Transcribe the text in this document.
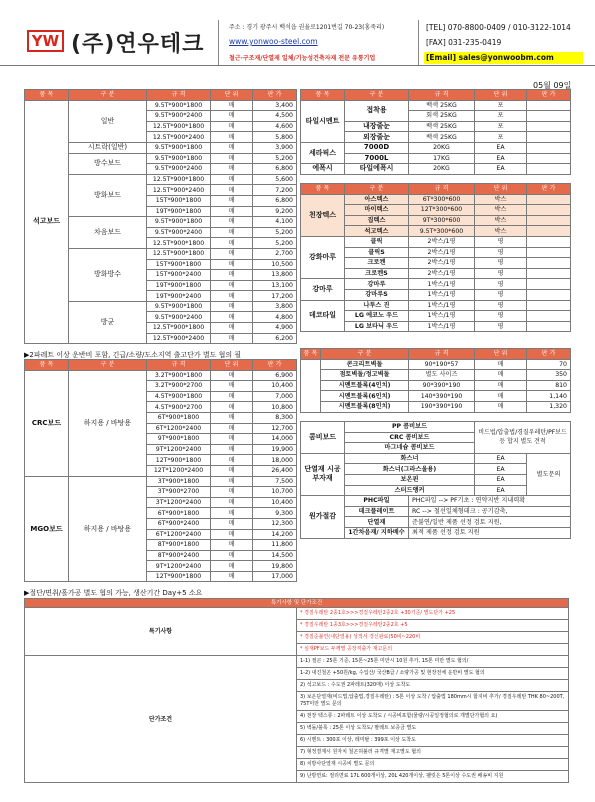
YW (주)연우테크
주소 : 경기 광주시 백석읍 권율로1201번길 70-23(홍죽리)
www.yonwoo-steel.com
철근·구조재/단열재 일체/기능성건축자재 전문 유통기업
[TEL] 070-8800-0409 / 010-3122-1014
[FAX] 031-235-0419
[Email] sales@yonwoobm.com
05월 09일
품 목	구 분	규 격	단 위	판 가
석고보드	일반	9.5T*900*1800	매	3,400
		9.5T*900*2400	매	4,500
		12.5T*900*1800	매	4,600
		12.5T*900*2400	매	5,800
	시트락(일반)	9.5T*900*1800	매	3,900
	방수보드	9.5T*900*1800	매	5,200
		9.5T*900*2400	매	6,800
	방화보드	12.5T*900*1800	매	5,600
		12.5T*900*2400	매	7,200
		15T*900*1800	매	6,800
		19T*900*1800	매	9,200
	차음보드	9.5T*900*1800	매	4,100
		9.5T*900*2400	매	5,200
		12.5T*900*1800	매	5,200
	방화방수	12.5T*900*1800	매	2,700
		15T*900*1800	매	10,500
		15T*900*2400	매	13,800
		19T*900*1800	매	13,100
		19T*900*2400	매	17,200
	방균	9.5T*900*1800	매	3,800
		9.5T*900*2400	매	4,800
		12.5T*900*1800	매	4,900
		12.5T*900*2400	매	6,200
▶2파레트 이상 운반비 포함, 긴급/소량/도소지역 출고단가 별도 협의 필
품 목	구 분	규 격	단 위	판 가
타일시멘트	접착용	백색 25KG	포	
		회색 25KG	포	
	내장줄눈	백색 25KG	포	
	외장줄눈	백색 25KG	포	
세라픽스	7000D	20KG	EA	
	7000L	17KG	EA	
에폭시	타일에폭시	20KG	EA	
품 목	구 분	규 격	단 위	판 가
천장텍스	아스텍스	6T*300*600	박스	
	마이텍스	12T*300*600	박스	
	집텍스	9T*300*600	박스	
	석고텍스	9.5T*300*600	박스	
강화마루	클릭	2박스/1평	평	
	클릭S	2박스/1평	평	
	크로켄	2박스/1평	평	
	크로켄S	2박스/1평	평	
강마루	강마루	1박스/1평	평	
	강마루S	1박스/1평	평	
데코타일	나투스 진	1박스/1평	평	
	LG 에코노 우드	1박스/1평	평	
	LG 보타닉 우드	1박스/1평	평	
품 목	구 분	규 격	단 위	판 가
CRC보드	하지용 / 바탕용	3.2T*900*1800	매	6,900
		3.2T*900*2700	매	10,400
		4.5T*900*1800	매	7,000
		4.5T*900*2700	매	10,800
		6T*900*1800	매	8,300
		6T*1200*2400	매	12,700
		9T*900*1800	매	14,000
		9T*1200*2400	매	19,900
		12T*900*1800	매	18,000
		12T*1200*2400	매	26,400
MGO보드	하지용 / 바탕용	3T*900*1800	매	7,500
		3T*900*2700	매	10,700
		3T*1200*2400	매	10,400
		6T*900*1800	매	9,300
		6T*900*2400	매	12,300
		6T*1200*2400	매	14,200
		8T*900*1800	매	11,800
		8T*900*2400	매	14,500
		9T*1200*2400	매	19,800
		12T*900*1800	매	17,000
▶절단/면취/흘가공 별도 협의 가능, 생산기간 Day+5 소요
품 목	구 분	규 격	단 위	판 가
	콘크리트벽돌	90*190*57	매	70
	점토벽돌/정고벽돌	별도 사이즈	매	350
	시멘트블록(4인치)	90*390*190	매	810
	시멘트블록(6인치)	140*390*190	매	1,140
	시멘트블록(8인치)	190*390*190	매	1,320
콤비보드	PP 콤비보드		비드법/압출법/경질우레탄/PF보드 등 합지 별도 견적	
	CRC 콤비보드			
	마그네슘 콤비보드			
단열재 시공부자재	화스너		EA	별도문의
	화스너(그라스울용)		EA	
	보온핀		EA	
	스터드앵커		EA	
원가절감	PHC파일	PHC파일 --> PF기초 : 연약지반 지내력확		
	데크플레이트	RC --> 철선일체형데크 : 공기감축,		
	단열재	준불연/일반 제품 선정 검토 지원,		
	1간차음재/ 지하배수	최적 제품 선정 검토 지원		
특기사항 및 단가조건	
특기사항	* 경질우레탄 2종1호>>>경질우레탄2종2호 +30기준/ 별도단가 +25
	* 경질우레탄 1종3호>>>경질우레탄2종2호 +5
	* 경질준불연(내단열용) 성적서 경신완료(50비~220비
	* 심재PF보드 두께별 공장직출가 재고문의
단가조건	1-1) 절곤 : 25톤 기준, 15톤~25톤 미만시 10원 추가, 15톤 미만 별도 협의/
	1-2) 내진철곤 +50원/kg, 수입산/ 국산B급 / 소량가공 및 현장전체 운반비 별도 협의
	2) 석고보드 : 수도권 2파레트(320매) 이상 도착도
	3) 보온단열재(비드법,압출법,경질우레탄) : 5톤 이상 도착 / 압출법 180mm시 합지비 추가/ 경질우레탄 THK 80~200T, 75T미만 별도 문의
	4) 천장 텍스류 : 2파레트 이상 도착도 / 시공비포함(물량/시공일정협의로 개별단가협의 요)
	5) 벽돌/블록 : 25톤 이상 도착도/ 팔레트 보증금 별도
	6) 시멘트 : 300포 이상, 레미탈 : 399포 이상 도착도
	7) 형정결재시 원자치 철곤허불러 규격별 재고별도 협의
	8) 치방사단열재 시공비 별도 문의
	9) 난방면료: 절리면료 17L 600개이상, 20L 420개이상, 팰릿은 5톤이상 수도권 배송비 지원
